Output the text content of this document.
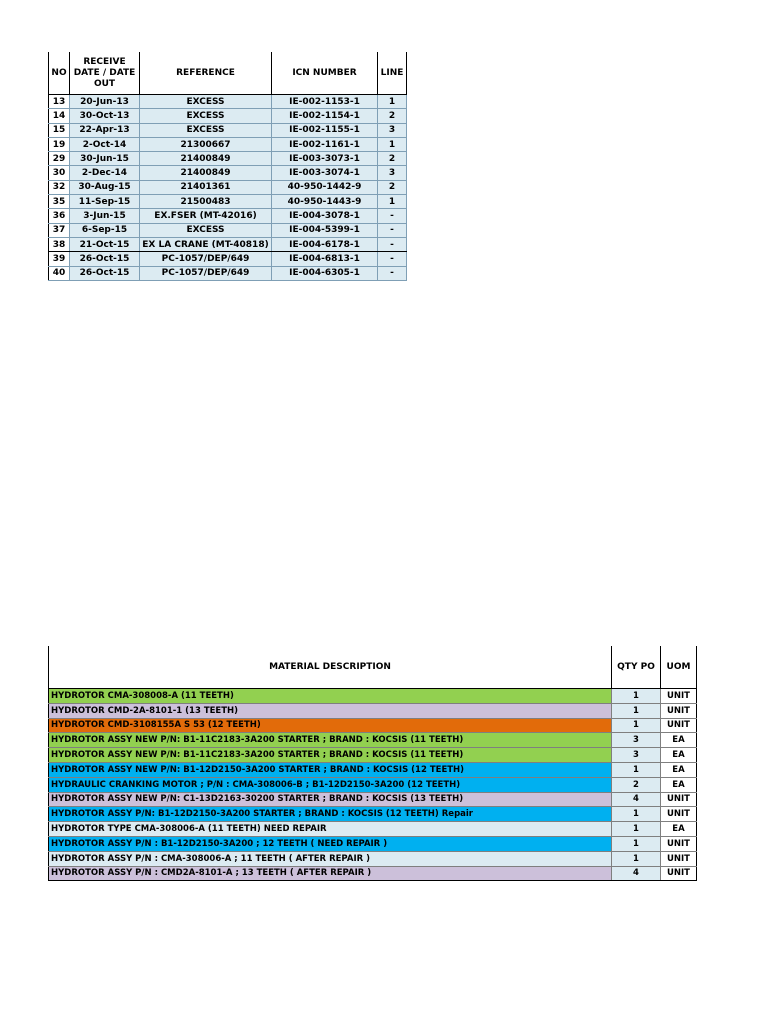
NO	RECEIVE DATE / DATE OUT	REFERENCE	ICN NUMBER	LINE
13	20-Jun-13	EXCESS	IE-002-1153-1	1
14	30-Oct-13	EXCESS	IE-002-1154-1	2
15	22-Apr-13	EXCESS	IE-002-1155-1	3
19	2-Oct-14	21300667	IE-002-1161-1	1
29	30-Jun-15	21400849	IE-003-3073-1	2
30	2-Dec-14	21400849	IE-003-3074-1	3
32	30-Aug-15	21401361	40-950-1442-9	2
35	11-Sep-15	21500483	40-950-1443-9	1
36	3-Jun-15	EX.FSER (MT-42016)	IE-004-3078-1	-
37	6-Sep-15	EXCESS	IE-004-5399-1	-
38	21-Oct-15	EX LA CRANE (MT-40818)	IE-004-6178-1	-
39	26-Oct-15	PC-1057/DEP/649	IE-004-6813-1	-
40	26-Oct-15	PC-1057/DEP/649	IE-004-6305-1	-
MATERIAL DESCRIPTION	QTY PO	UOM
HYDROTOR CMA-308008-A (11 TEETH)	1	UNIT
HYDROTOR CMD-2A-8101-1 (13 TEETH)	1	UNIT
HYDROTOR CMD-3108155A S 53 (12 TEETH)	1	UNIT
HYDROTOR ASSY NEW P/N: B1-11C2183-3A200 STARTER ; BRAND : KOCSIS (11 TEETH)	3	EA
HYDROTOR ASSY NEW P/N: B1-11C2183-3A200 STARTER ; BRAND : KOCSIS (11 TEETH)	3	EA
HYDROTOR ASSY NEW P/N: B1-12D2150-3A200 STARTER ; BRAND : KOCSIS (12 TEETH)	1	EA
HYDRAULIC CRANKING MOTOR ; P/N : CMA-308006-B ; B1-12D2150-3A200 (12 TEETH)	2	EA
HYDROTOR ASSY NEW P/N: C1-13D2163-30200 STARTER ; BRAND : KOCSIS (13 TEETH)	4	UNIT
HYDROTOR ASSY P/N: B1-12D2150-3A200 STARTER ; BRAND : KOCSIS (12 TEETH) Repair	1	UNIT
HYDROTOR TYPE CMA-308006-A (11 TEETH) NEED REPAIR	1	EA
HYDROTOR ASSY P/N : B1-12D2150-3A200 ; 12 TEETH ( NEED REPAIR )	1	UNIT
HYDROTOR ASSY P/N : CMA-308006-A ; 11 TEETH ( AFTER REPAIR )	1	UNIT
HYDROTOR ASSY P/N : CMD2A-8101-A ; 13 TEETH ( AFTER REPAIR )	4	UNIT
